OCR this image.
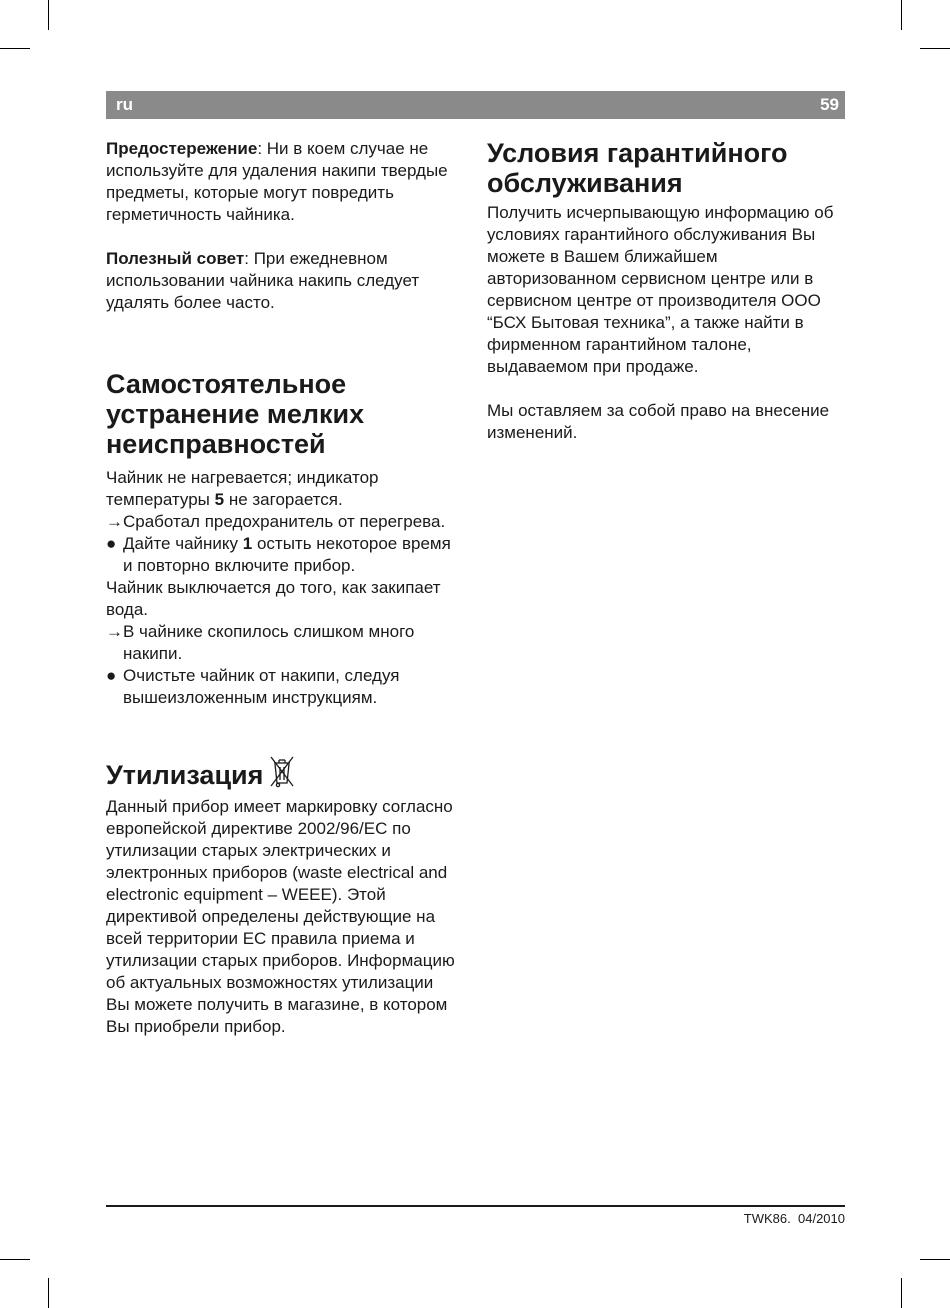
ru	59

Предостережение: Ни в коем случае не используйте для удаления накипи твердые предметы, которые могут повредить герметичность чайника.

Полезный совет: При ежедневном использовании чайника накипь следует удалять более часто.

Самостоятельное устранение мелких неисправностей

Чайник не нагревается; индикатор температуры 5 не загорается.

→ Сработал предохранитель от перегрева.
● Дайте чайнику 1 остыть некоторое время и повторно включите прибор.

Чайник выключается до того, как закипает вода.

→ В чайнике скопилось слишком много накипи.
● Очистьте чайник от накипи, следуя вышеизложенным инструкциям.
Утилизация

Данный прибор имеет маркировку согласно европейской директиве 2002/96/EC по утилизации старых электрических и электронных приборов (waste electrical and electronic equipment – WEEE). Этой директивой определены действующие на всей территории ЕС правила приема и утилизации старых приборов. Информацию об актуальных возможностях утилизации Вы можете получить в магазине, в котором Вы приобрели прибор.

Условия гарантийного обслуживания

Получить исчерпывающую информацию об условиях гарантийного обслуживания Вы можете в Вашем ближайшем авторизованном сервисном центре или в сервисном центре от производителя ООО “БСХ Бытовая техника”, а также найти в фирменном гарантийном талоне, выдаваемом при продаже.

Мы оставляем за собой право на внесение изменений.

TWK86. 04/2010
